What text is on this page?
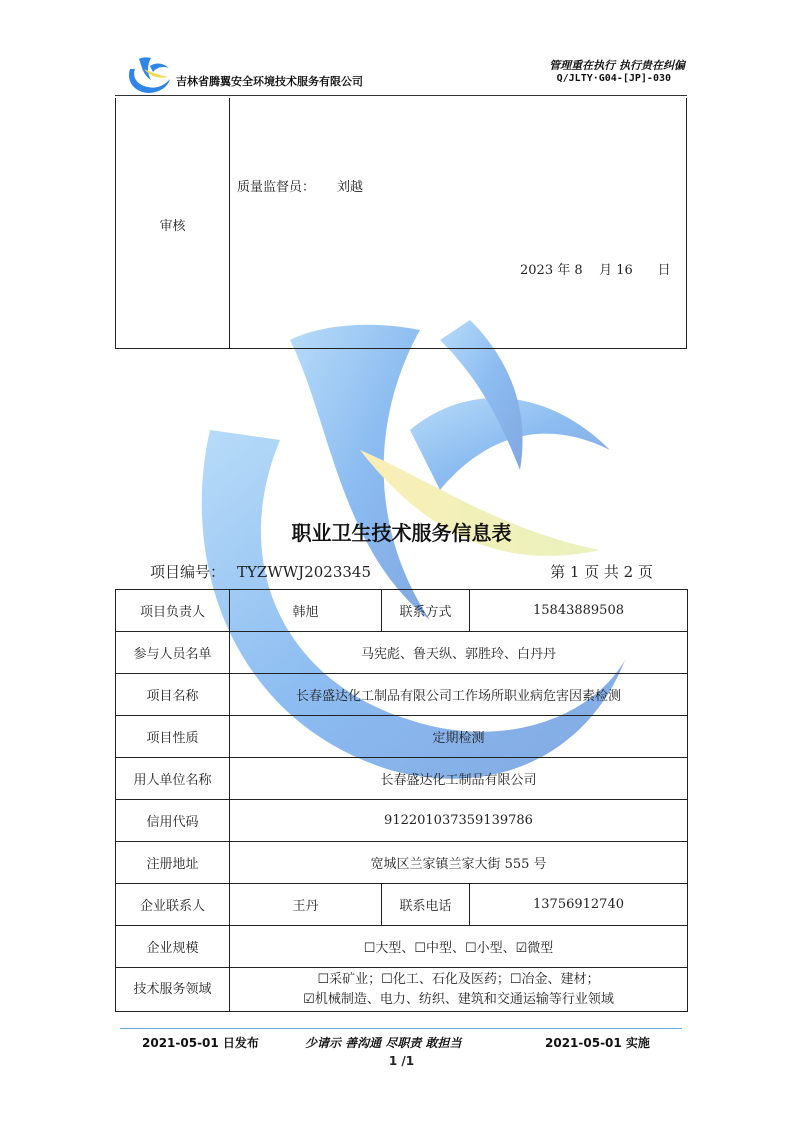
吉林省腾翼安全环境技术服务有限公司
管理重在执行 执行贵在纠偏
Q/JLTY·G04-[JP]-030
审核
质量监督员： 刘越
2023 年 8    月 16      日
职业卫生技术服务信息表
项目编号： TYZWWJ2023345	第 1 页 共 2 页
项目负责人	韩旭	联系方式	15843889508
参与人员名单	马宪彪、鲁天纵、郭胜玲、白丹丹		
项目名称	长春盛达化工制品有限公司工作场所职业病危害因素检测		
项目性质	定期检测		
用人单位名称	长春盛达化工制品有限公司		
信用代码	912201037359139786		
注册地址	宽城区兰家镇兰家大街 555 号		
企业联系人	王丹	联系电话	13756912740
企业规模	☐大型、☐中型、☐小型、☑微型		
技术服务领域	☐采矿业；☐化工、石化及医药；☐冶金、建材；
☑机械制造、电力、纺织、建筑和交通运输等行业领域		
2021-05-01 日发布	少请示 善沟通 尽职责 敢担当	2021-05-01 实施
1 /1
